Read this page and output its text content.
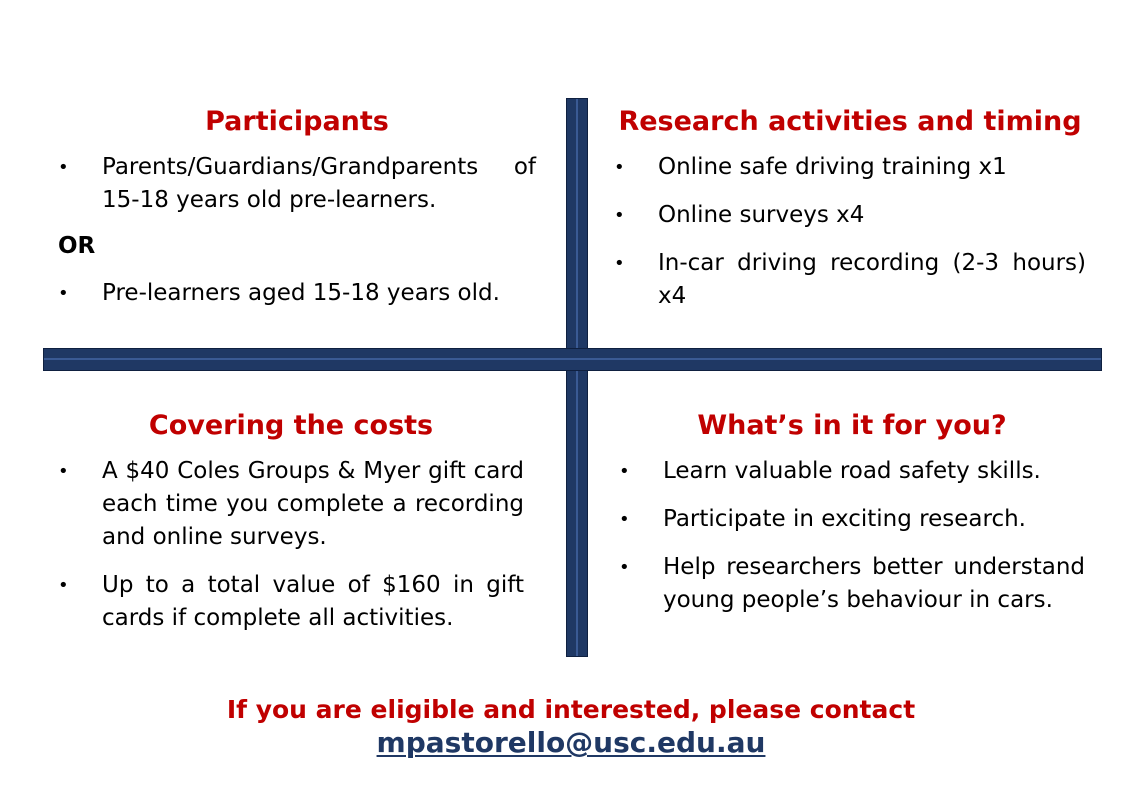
Participants
• Parents/Guardians/Grandparents of 15-18 years old pre-learners.
OR
• Pre-learners aged 15-18 years old.
Research activities and timing
• Online safe driving training x1
• Online surveys x4
• In-car driving recording (2-3 hours) x4
Covering the costs
• A $40 Coles Groups & Myer gift card each time you complete a recording and online surveys.
• Up to a total value of $160 in gift cards if complete all activities.
What’s in it for you?
• Learn valuable road safety skills.
• Participate in exciting research.
• Help researchers better understand young people’s behaviour in cars.
If you are eligible and interested, please contact
mpastorello@usc.edu.au
